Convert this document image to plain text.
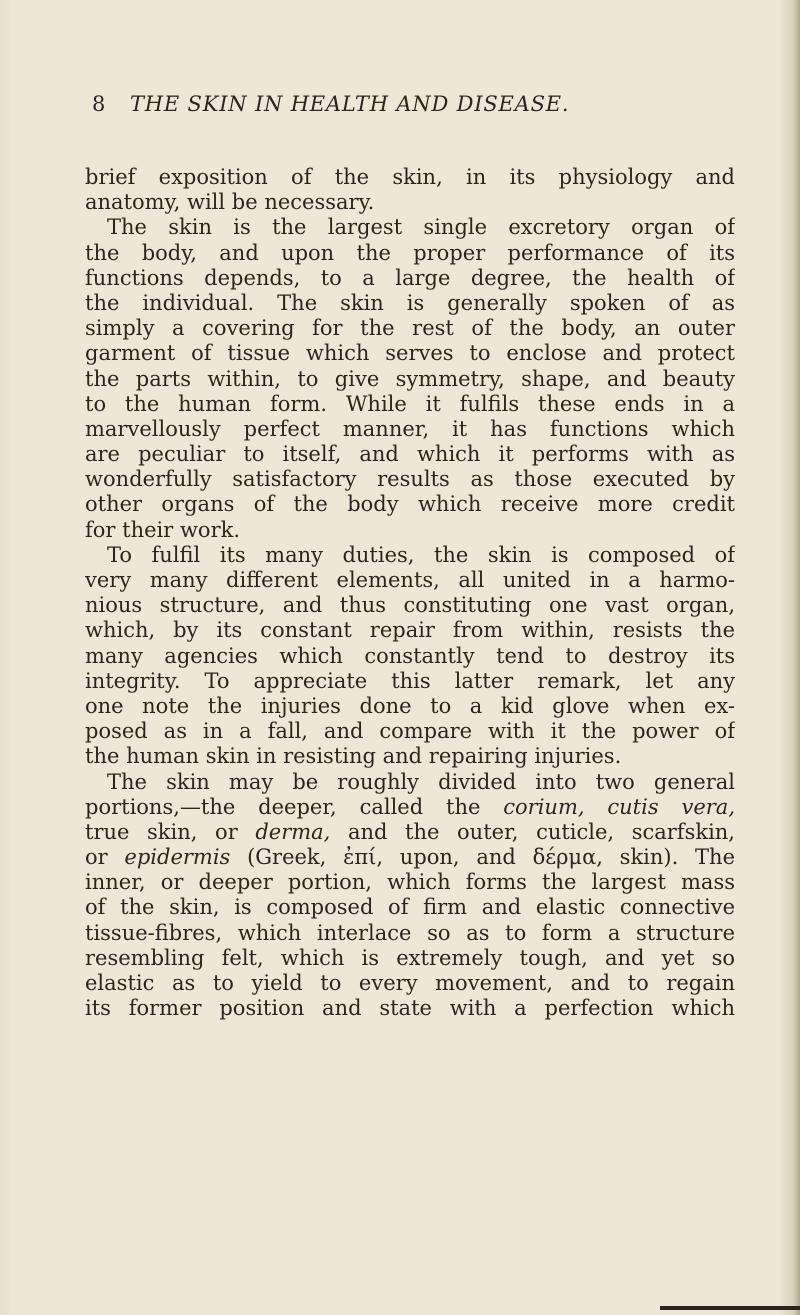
8 THE SKIN IN HEALTH AND DISEASE.
brief exposition of the skin, in its physiology and
anatomy, will be necessary.
The skin is the largest single excretory organ of
the body, and upon the proper performance of its
functions depends, to a large degree, the health of
the individual. The skin is generally spoken of as
simply a covering for the rest of the body, an outer
garment of tissue which serves to enclose and protect
the parts within, to give symmetry, shape, and beauty
to the human form. While it fulfils these ends in a
marvellously perfect manner, it has functions which
are peculiar to itself, and which it performs with as
wonderfully satisfactory results as those executed by
other organs of the body which receive more credit
for their work.
To fulfil its many duties, the skin is composed of
very many different elements, all united in a harmo-
nious structure, and thus constituting one vast organ,
which, by its constant repair from within, resists the
many agencies which constantly tend to destroy its
integrity. To appreciate this latter remark, let any
one note the injuries done to a kid glove when ex-
posed as in a fall, and compare with it the power of
the human skin in resisting and repairing injuries.
The skin may be roughly divided into two general
portions,—the deeper, called the corium, cutis vera,
true skin, or derma, and the outer, cuticle, scarfskin,
or epidermis (Greek, ἐπί, upon, and δέρμα, skin). The
inner, or deeper portion, which forms the largest mass
of the skin, is composed of firm and elastic connective
tissue-fibres, which interlace so as to form a structure
resembling felt, which is extremely tough, and yet so
elastic as to yield to every movement, and to regain
its former position and state with a perfection which
